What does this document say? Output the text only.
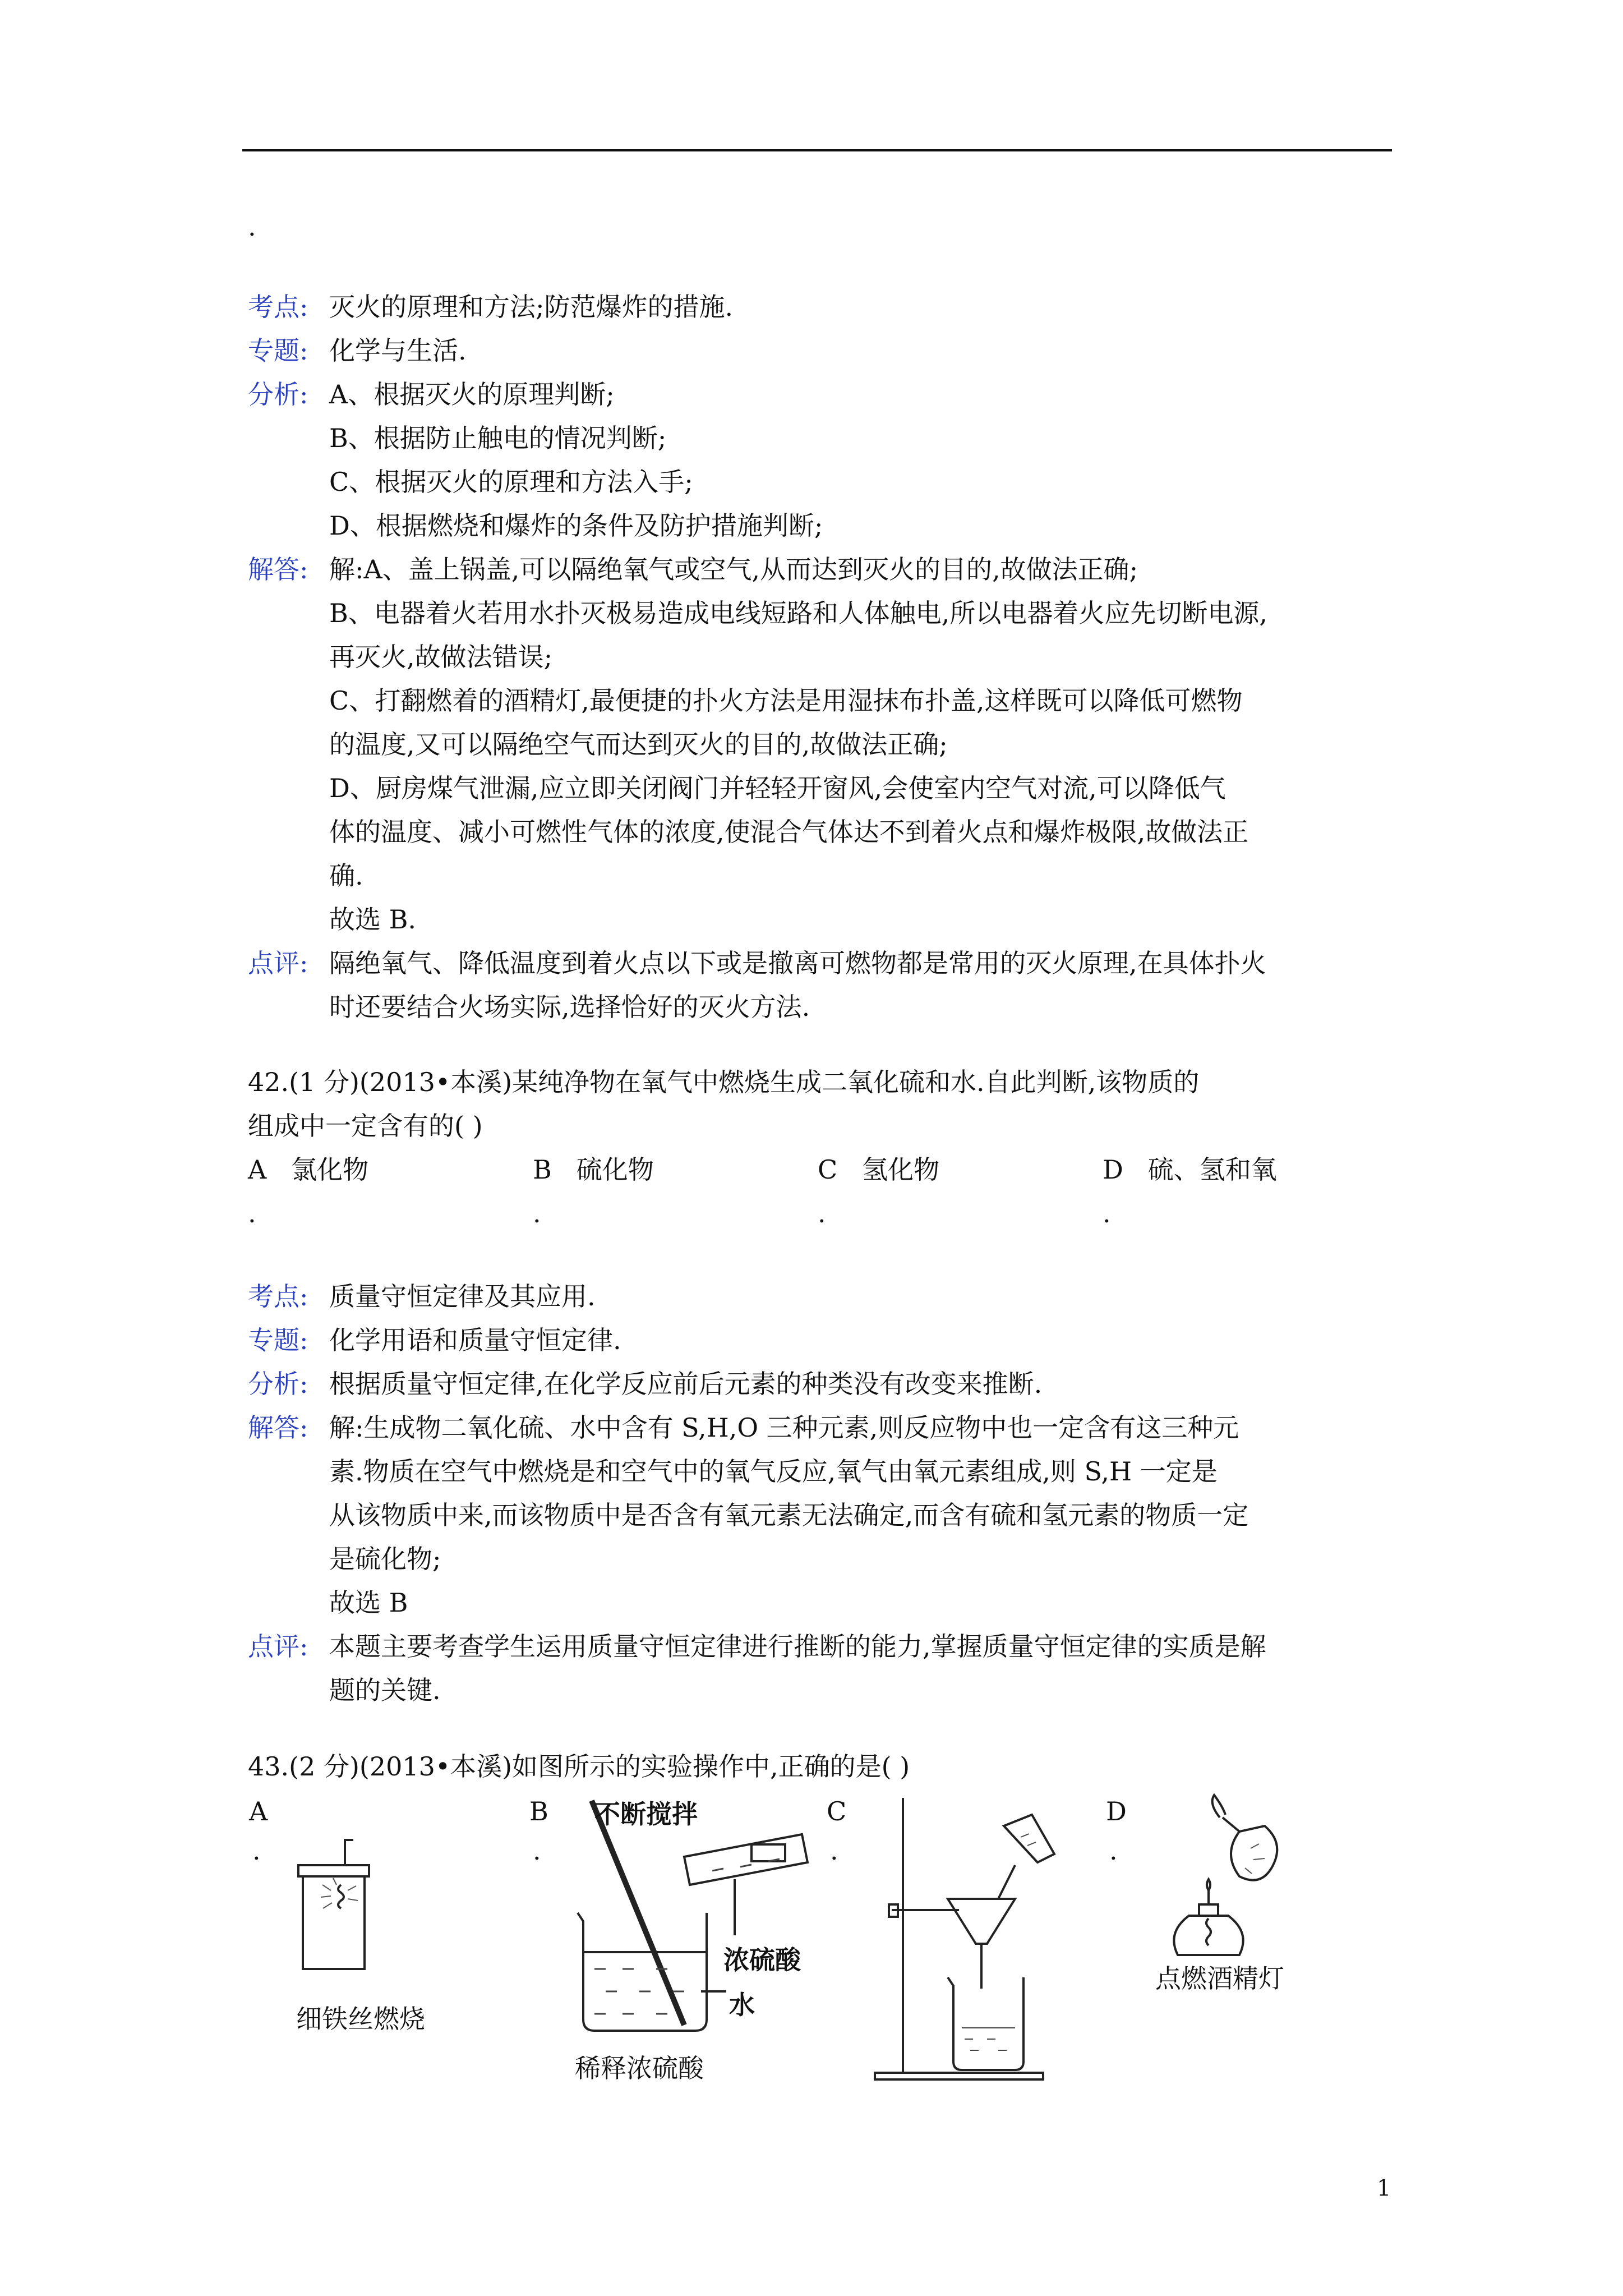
.
考点: 灭火的原理和方法;防范爆炸的措施.
专题: 化学与生活.
分析: A、根据灭火的原理判断;
B、根据防止触电的情况判断;
C、根据灭火的原理和方法入手;
D、根据燃烧和爆炸的条件及防护措施判断;
解答: 解:A、盖上锅盖,可以隔绝氧气或空气,从而达到灭火的目的,故做法正确;
B、电器着火若用水扑灭极易造成电线短路和人体触电,所以电器着火应先切断电源,
再灭火,故做法错误;
C、打翻燃着的酒精灯,最便捷的扑火方法是用湿抹布扑盖,这样既可以降低可燃物
的温度,又可以隔绝空气而达到灭火的目的,故做法正确;
D、厨房煤气泄漏,应立即关闭阀门并轻轻开窗风,会使室内空气对流,可以降低气
体的温度、减小可燃性气体的浓度,使混合气体达不到着火点和爆炸极限,故做法正
确.
故选 B.
点评: 隔绝氧气、降低温度到着火点以下或是撤离可燃物都是常用的灭火原理,在具体扑火
时还要结合火场实际,选择恰好的灭火方法.
42.(1 分)(2013•本溪)某纯净物在氧气中燃烧生成二氧化硫和水.自此判断,该物质的
组成中一定含有的( )
A 氯化物	B 硫化物	C 氢化物	D 硫、氢和氧
.	.	.	.
考点: 质量守恒定律及其应用.
专题: 化学用语和质量守恒定律.
分析: 根据质量守恒定律,在化学反应前后元素的种类没有改变来推断.
解答: 解:生成物二氧化硫、水中含有 S,H,O 三种元素,则反应物中也一定含有这三种元
素.物质在空气中燃烧是和空气中的氧气反应,氧气由氧元素组成,则 S,H 一定是
从该物质中来,而该物质中是否含有氧元素无法确定,而含有硫和氢元素的物质一定
是硫化物;
故选 B
点评: 本题主要考查学生运用质量守恒定律进行推断的能力,掌握质量守恒定律的实质是解
题的关键.
43.(2 分)(2013•本溪)如图所示的实验操作中,正确的是( )
A
.
B
.
C
.
D
.
细铁丝燃烧
不断搅拌
浓硫酸
水
稀释浓硫酸
点燃酒精灯
1
